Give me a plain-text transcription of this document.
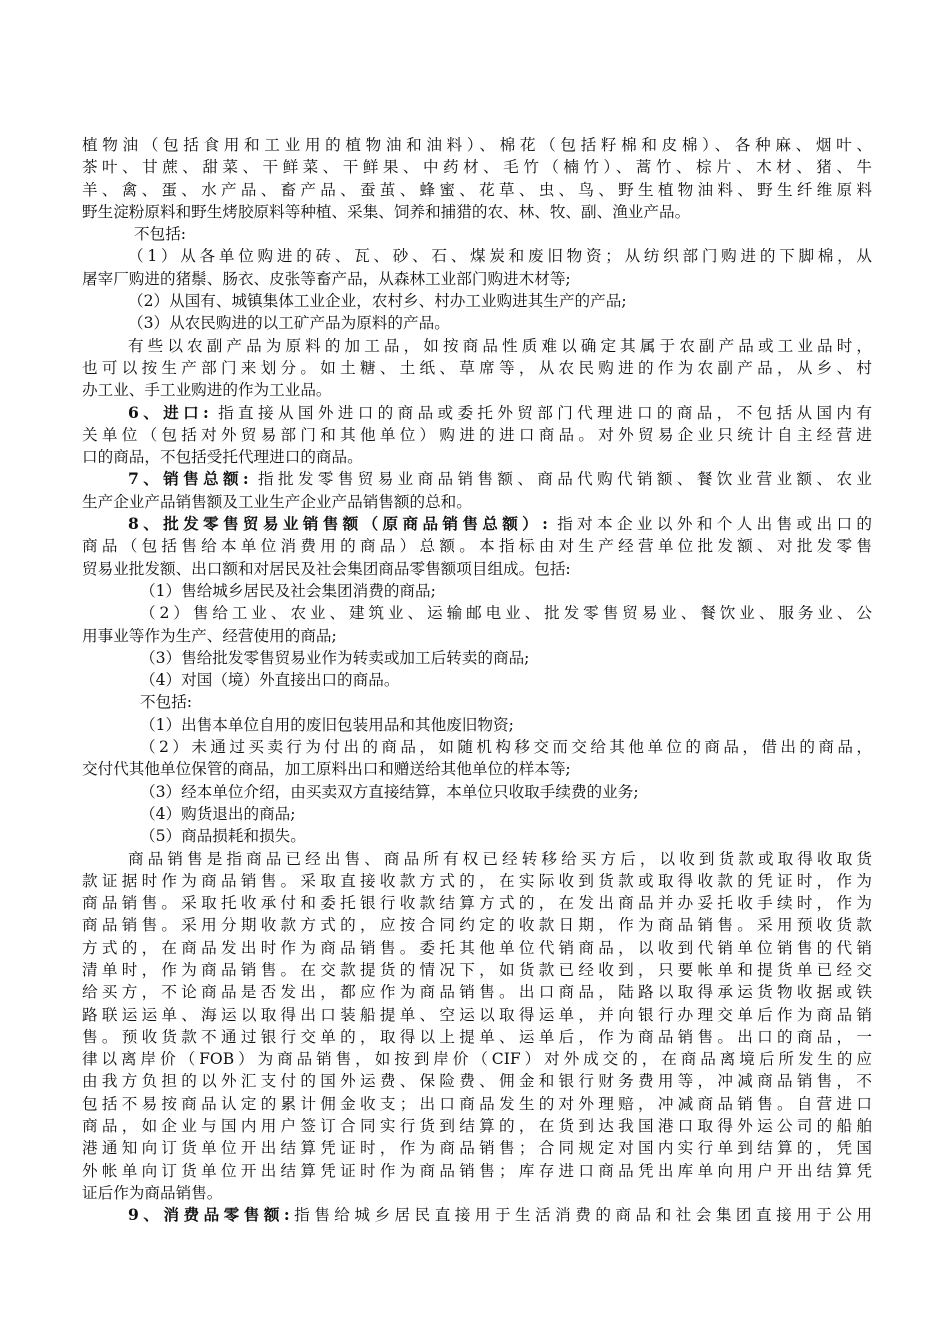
植物油（包括食用和工业用的植物油和油料）、棉花（包括籽棉和皮棉）、各种麻、烟叶、
茶叶、甘蔗、甜菜、干鲜菜、干鲜果、中药材、毛竹（楠竹）、蒿竹、棕片、木材、猪、牛
羊、禽、蛋、水产品、畜产品、蚕茧、蜂蜜、花草、虫、鸟、野生植物油料、野生纤维原料
野生淀粉原料和野生烤胶原料等种植、采集、饲养和捕猎的农、林、牧、副、渔业产品。
不包括:
（1）从各单位购进的砖、瓦、砂、石、煤炭和废旧物资；从纺织部门购进的下脚棉，从
屠宰厂购进的猪鬃、肠衣、皮张等畜产品，从森林工业部门购进木材等;
（2）从国有、城镇集体工业企业，农村乡、村办工业购进其生产的产品;
（3）从农民购进的以工矿产品为原料的产品。
有些以农副产品为原料的加工品，如按商品性质难以确定其属于农副产品或工业品时，
也可以按生产部门来划分。如土糖、土纸、草席等，从农民购进的作为农副产品，从乡、村
办工业、手工业购进的作为工业品。
6、进口: 指直接从国外进口的商品或委托外贸部门代理进口的商品，不包括从国内有
关单位（包括对外贸易部门和其他单位）购进的进口商品。对外贸易企业只统计自主经营进
口的商品，不包括受托代理进口的商品。
7、销售总额: 指批发零售贸易业商品销售额、商品代购代销额、餐饮业营业额、农业
生产企业产品销售额及工业生产企业产品销售额的总和。
8、批发零售贸易业销售额（原商品销售总额）: 指对本企业以外和个人出售或出口的
商品（包括售给本单位消费用的商品）总额。本指标由对生产经营单位批发额、对批发零售
贸易业批发额、出口额和对居民及社会集团商品零售额项目组成。包括:
（1）售给城乡居民及社会集团消费的商品;
（2）售给工业、农业、建筑业、运输邮电业、批发零售贸易业、餐饮业、服务业、公
用事业等作为生产、经营使用的商品;
（3）售给批发零售贸易业作为转卖或加工后转卖的商品;
（4）对国（境）外直接出口的商品。
不包括:
（1）出售本单位自用的废旧包装用品和其他废旧物资;
（2）未通过买卖行为付出的商品，如随机构移交而交给其他单位的商品，借出的商品，
交付代其他单位保管的商品，加工原料出口和赠送给其他单位的样本等;
（3）经本单位介绍，由买卖双方直接结算，本单位只收取手续费的业务;
（4）购货退出的商品;
（5）商品损耗和损失。
商品销售是指商品已经出售、商品所有权已经转移给买方后，以收到货款或取得收取货
款证据时作为商品销售。采取直接收款方式的，在实际收到货款或取得收款的凭证时，作为
商品销售。采取托收承付和委托银行收款结算方式的，在发出商品并办妥托收手续时，作为
商品销售。采用分期收款方式的，应按合同约定的收款日期，作为商品销售。采用预收货款
方式的，在商品发出时作为商品销售。委托其他单位代销商品，以收到代销单位销售的代销
清单时，作为商品销售。在交款提货的情况下，如货款已经收到，只要帐单和提货单已经交
给买方，不论商品是否发出，都应作为商品销售。出口商品，陆路以取得承运货物收据或铁
路联运运单、海运以取得出口装船提单、空运以取得运单，并向银行办理交单后作为商品销
售。预收货款不通过银行交单的，取得以上提单、运单后，作为商品销售。出口的商品，一
律以离岸价（FOB）为商品销售，如按到岸价（CIF）对外成交的，在商品离境后所发生的应
由我方负担的以外汇支付的国外运费、保险费、佣金和银行财务费用等，冲减商品销售，不
包括不易按商品认定的累计佣金收支；出口商品发生的对外理赔，冲减商品销售。自营进口
商品，如企业与国内用户签订合同实行货到结算的，在货到达我国港口取得外运公司的船舶
港通知向订货单位开出结算凭证时，作为商品销售；合同规定对国内实行单到结算的，凭国
外帐单向订货单位开出结算凭证时作为商品销售；库存进口商品凭出库单向用户开出结算凭
证后作为商品销售。
9、消费品零售额:指售给城乡居民直接用于生活消费的商品和社会集团直接用于公用
